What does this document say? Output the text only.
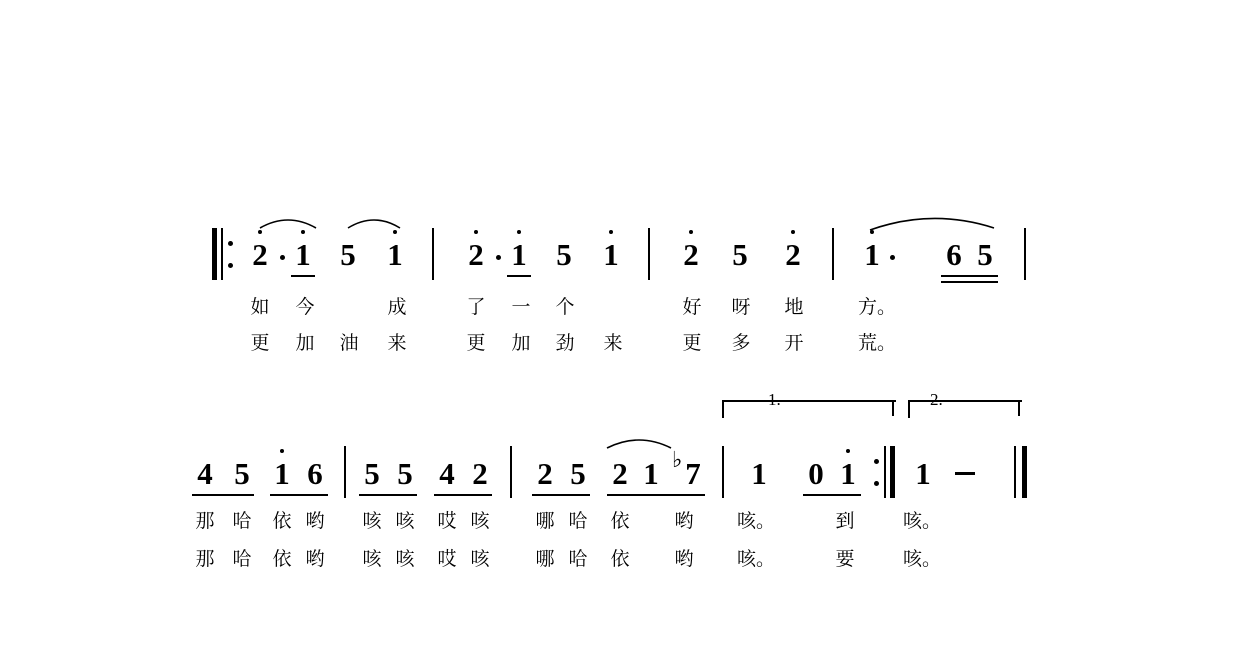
2 1 5 1 2 1 5 1 2 5 2 1 6 5
如 今	成	了 一 个	好 呀 地	方。
更 加 油 来	更 加 劲 来	更 多 开	荒。
1.	2.
4 5 1 6 5 5 4 2 2 5 2 1 ♭ 7 1 0 1 1
那 哈 依 哟 咳 咳 哎 咳 哪 哈 依 哟 咳。	到	咳。
那 哈 依 哟 咳 咳 哎 咳 哪 哈 依 哟 咳。	要	咳。
